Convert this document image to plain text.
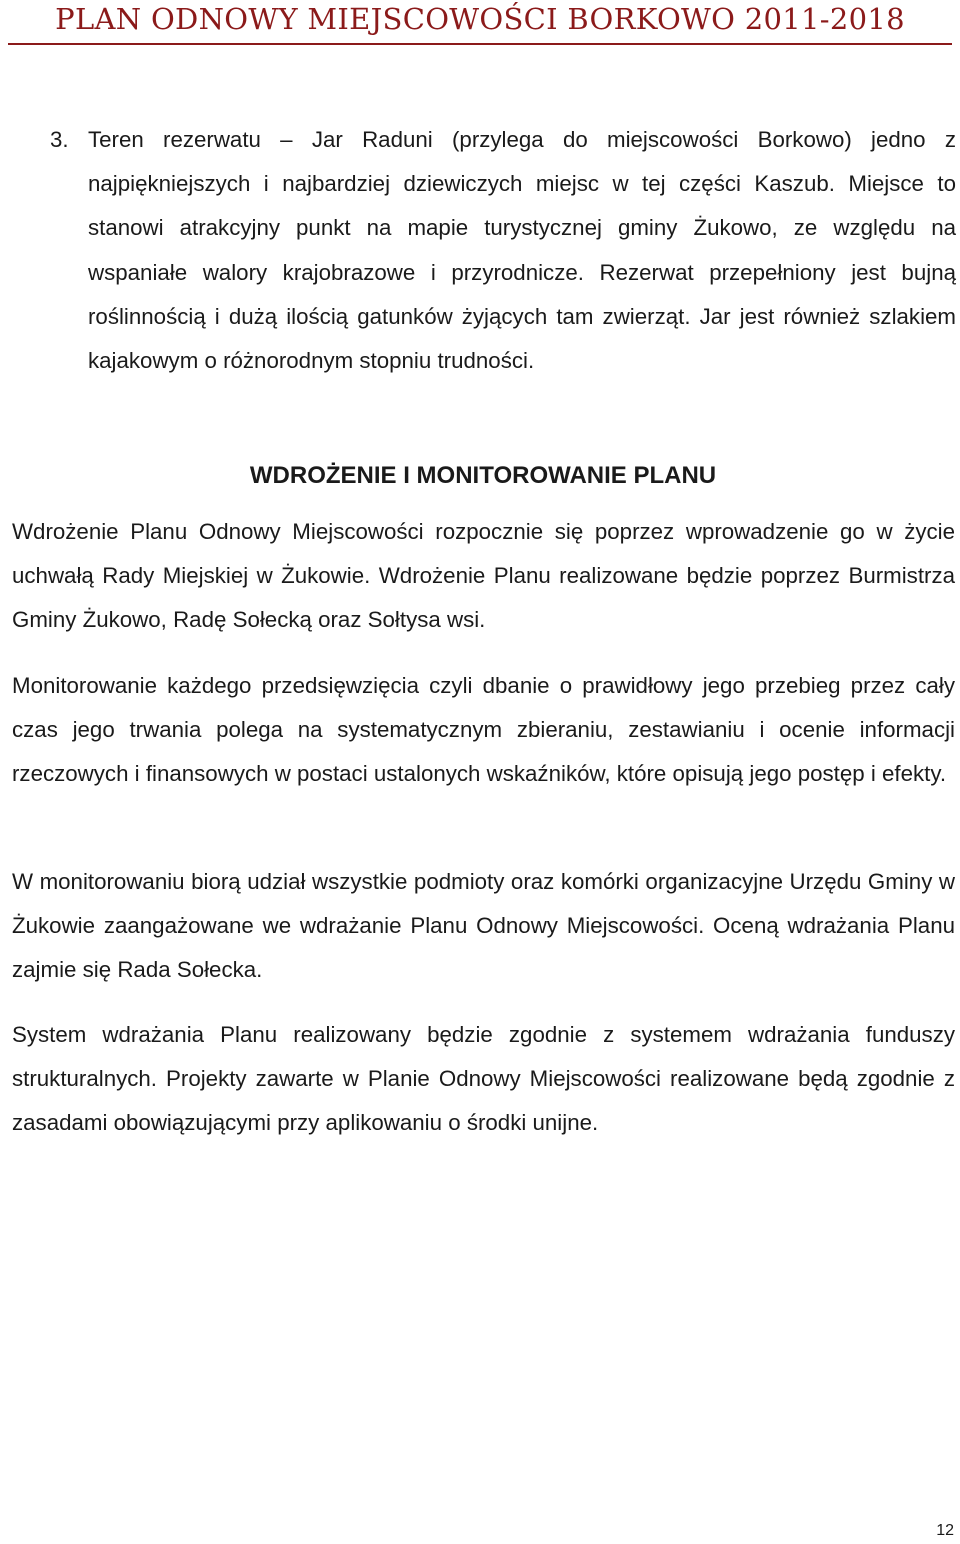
PLAN ODNOWY MIEJSCOWOŚCI BORKOWO 2011-2018
3. Teren rezerwatu – Jar Raduni (przylega do miejscowości Borkowo) jedno z najpiękniejszych i najbardziej dziewiczych miejsc w tej części Kaszub. Miejsce to stanowi atrakcyjny punkt na mapie turystycznej gminy Żukowo, ze względu na wspaniałe walory krajobrazowe i przyrodnicze. Rezerwat przepełniony jest bujną roślinnością i dużą ilością gatunków żyjących tam zwierząt. Jar jest również szlakiem kajakowym o różnorodnym stopniu trudności.
WDROŻENIE I MONITOROWANIE PLANU

Wdrożenie Planu Odnowy Miejscowości rozpocznie się poprzez wprowadzenie go w życie uchwałą Rady Miejskiej w Żukowie. Wdrożenie Planu realizowane będzie poprzez Burmistrza Gminy Żukowo, Radę Sołecką oraz Sołtysa wsi.

Monitorowanie każdego przedsięwzięcia czyli dbanie o prawidłowy jego przebieg przez cały czas jego trwania polega na systematycznym zbieraniu, zestawianiu i ocenie informacji rzeczowych i finansowych w postaci ustalonych wskaźników, które opisują jego postęp i efekty.

W monitorowaniu biorą udział wszystkie podmioty oraz komórki organizacyjne Urzędu Gminy w Żukowie zaangażowane we wdrażanie Planu Odnowy Miejscowości. Oceną wdrażania Planu zajmie się Rada Sołecka.

System wdrażania Planu realizowany będzie zgodnie z systemem wdrażania funduszy strukturalnych. Projekty zawarte w Planie Odnowy Miejscowości realizowane będą zgodnie z zasadami obowiązującymi przy aplikowaniu o środki unijne.

12
